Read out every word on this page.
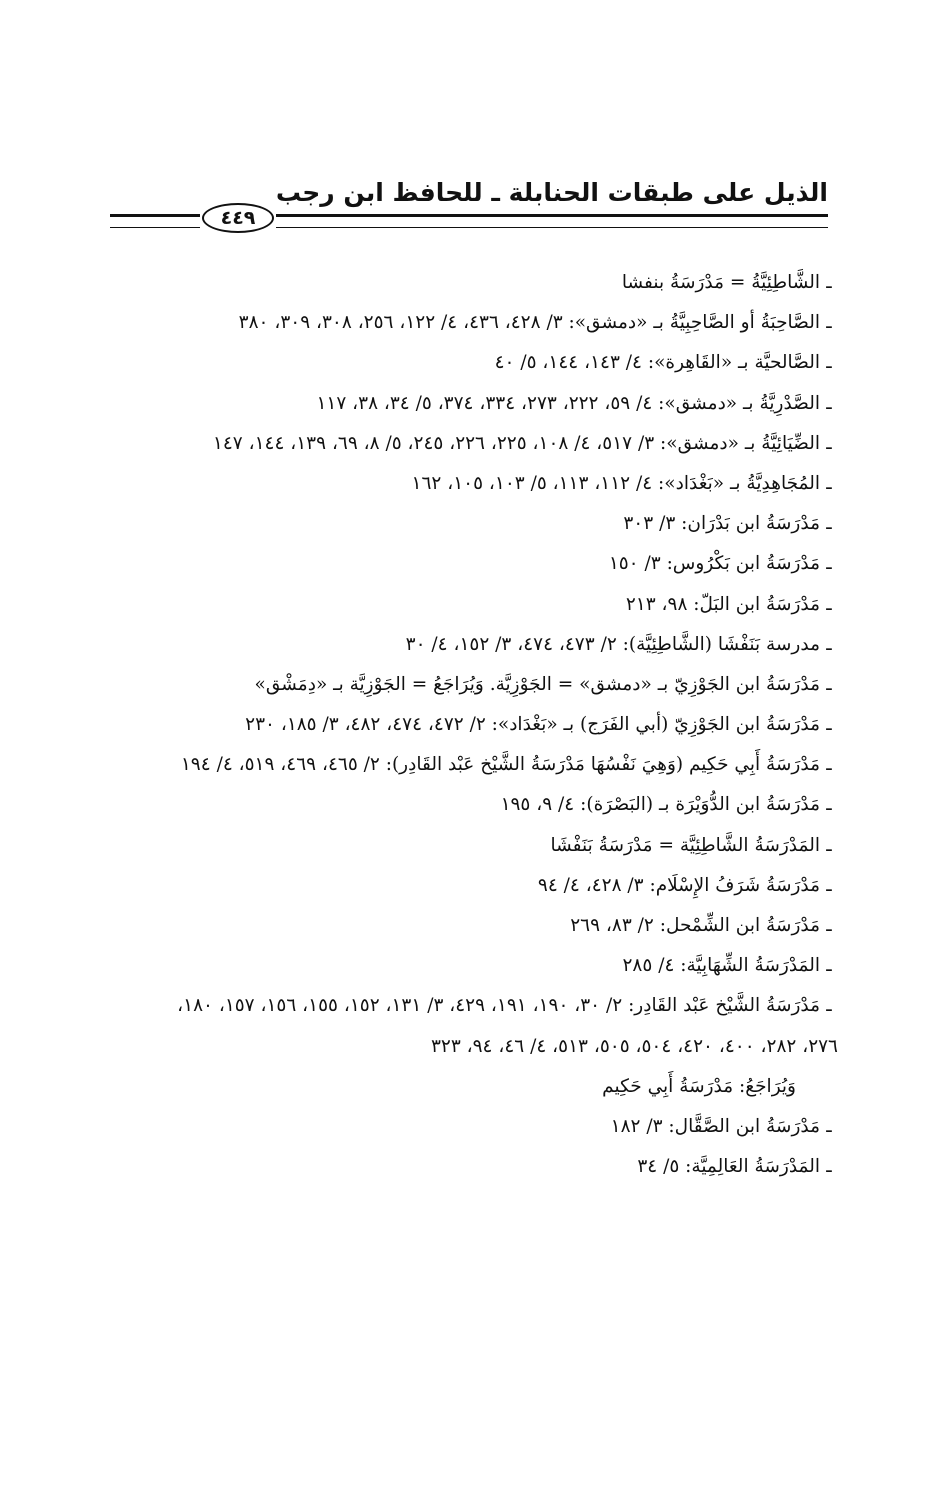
الذيل على طبقات الحنابلة ـ للحافظ ابن رجب
٤٤٩
ـالشَّاطِئِيَّةُ = مَدْرَسَةُ بنفشا
ـالصَّاحِبَةُ أو الصَّاحِبِيَّةُ بـ «دمشق»: ٣/ ٤٢٨، ٤٣٦، ٤/ ١٢٢، ٢٥٦، ٣٠٨، ٣٠٩، ٣٨٠
ـالصَّالحيَّة بـ «القَاهِرة»: ٤/ ١٤٣، ١٤٤، ٥/ ٤٠
ـالصَّدْرِيَّةُ بـ «دمشق»: ٤/ ٥٩، ٢٢٢، ٢٧٣، ٣٣٤، ٣٧٤، ٥/ ٣٤، ٣٨، ١١٧
ـالضِّيَائِيَّةُ بـ «دمشق»: ٣/ ٥١٧، ٤/ ١٠٨، ٢٢٥، ٢٢٦، ٢٤٥، ٥/ ٨، ٦٩، ١٣٩، ١٤٤، ١٤٧
ـالمُجَاهِدِيَّةُ بـ «بَغْدَاد»: ٤/ ١١٢، ١١٣، ٥/ ١٠٣، ١٠٥، ١٦٢
ـمَدْرَسَةُ ابن بَدْرَان: ٣/ ٣٠٣
ـمَدْرَسَةُ ابن بَكْرُوس: ٣/ ١٥٠
ـمَدْرَسَةُ ابن البَلّ: ٩٨، ٢١٣
ـمدرسة بَنَفْشَا (الشَّاطِئِيَّة): ٢/ ٤٧٣، ٤٧٤، ٣/ ١٥٢، ٤/ ٣٠
ـمَدْرَسَةُ ابن الجَوْزِيّ بـ «دمشق» = الجَوْزِيَّة. وَيُرَاجَعُ = الجَوْزِيَّة بـ «دِمَشْق»
ـمَدْرَسَةُ ابن الجَوْزِيّ (أبي الفَرَج) بـ «بَغْدَاد»: ٢/ ٤٧٢، ٤٧٤، ٤٨٢، ٣/ ١٨٥، ٢٣٠
ـمَدْرَسَةُ أَبِي حَكِيم (وَهِيَ نَفْسُهَا مَدْرَسَةُ الشَّيْخ عَبْد القَادِر): ٢/ ٤٦٥، ٤٦٩، ٥١٩، ٤/ ١٩٤
ـمَدْرَسَةُ ابن الدُّوَيْرَة بـ (البَصْرَة): ٤/ ٩، ١٩٥
ـالمَدْرَسَةُ الشَّاطِئِيَّة = مَدْرَسَةُ بَنَفْشَا
ـمَدْرَسَةُ شَرَفُ الإِسْلَام: ٣/ ٤٢٨، ٤/ ٩٤
ـمَدْرَسَةُ ابن الشِّمْحل: ٢/ ٨٣، ٢٦٩
ـالمَدْرَسَةُ الشِّهَابِيَّة: ٤/ ٢٨٥
ـمَدْرَسَةُ الشَّيْخ عَبْد القَادِر: ٢/ ٣٠، ١٩٠، ١٩١، ٤٢٩، ٣/ ١٣١، ١٥٢، ١٥٥، ١٥٦، ١٥٧، ١٨٠،
٢٧٦، ٢٨٢، ٤٠٠، ٤٢٠، ٥٠٤، ٥٠٥، ٥١٣، ٤/ ٤٦، ٩٤، ٣٢٣
وَيُرَاجَعُ: مَدْرَسَةُ أَبِي حَكِيم
ـمَدْرَسَةُ ابن الصَّقَّال: ٣/ ١٨٢
ـالمَدْرَسَةُ العَالِمِيَّة: ٥/ ٣٤
